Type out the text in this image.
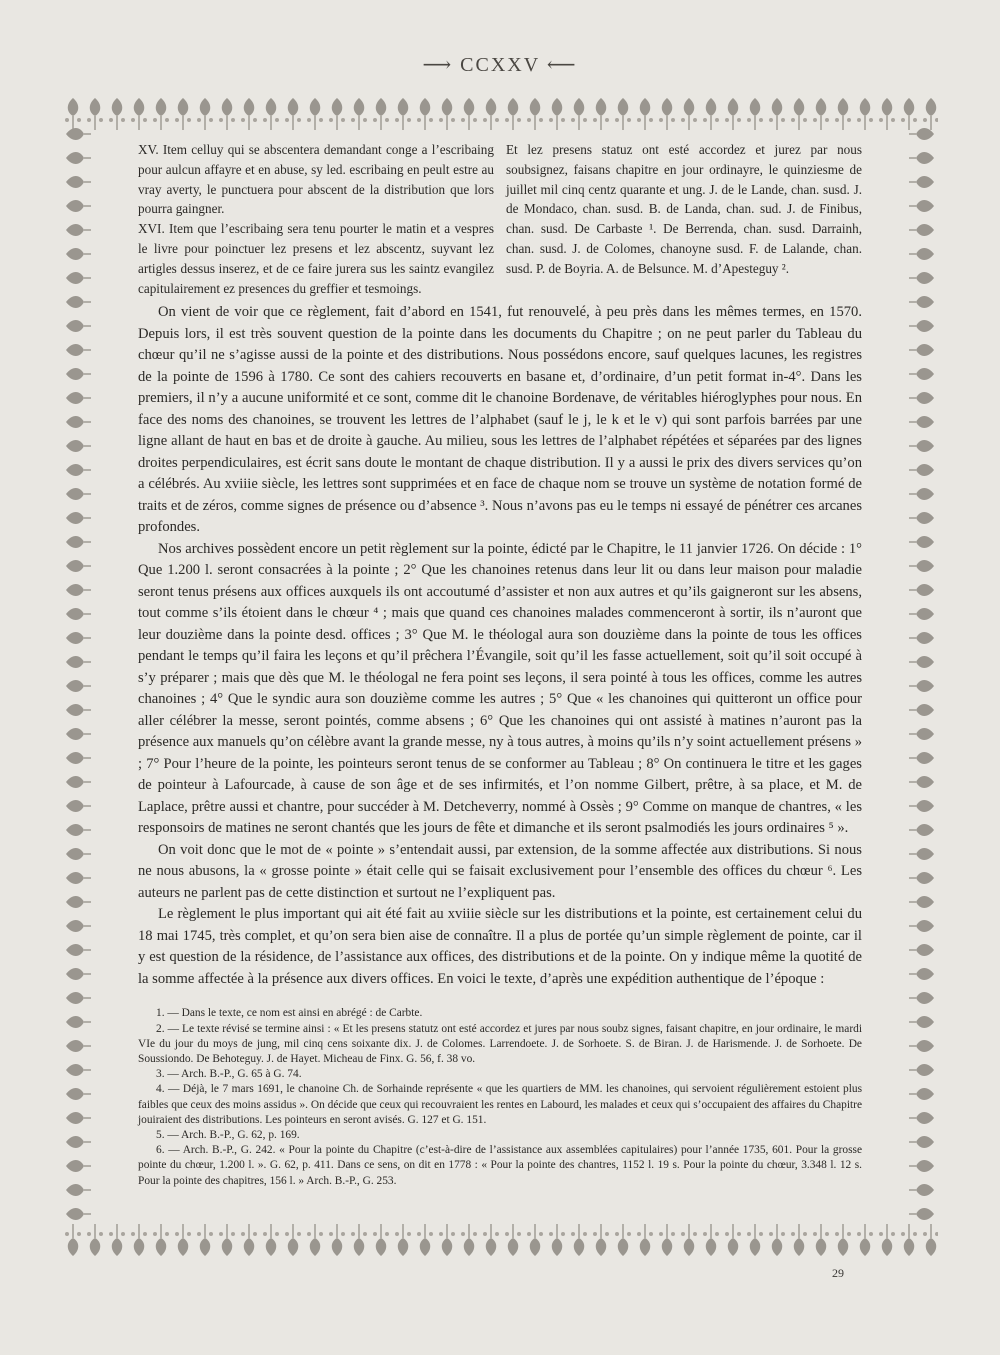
⟶ CCXXV ⟵

XV. Item celluy qui se abscentera demandant conge a l’escribaing pour aulcun affayre et en abuse, sy led. escribaing en peult estre au vray averty, le punctuera pour abscent de la distribution que lors pourra gaingner.

XVI. Item que l’escribaing sera tenu pourter le matin et a vespres le livre pour poinctuer lez presens et lez abscentz, suyvant lez artigles dessus inserez, et de ce faire jurera sus les saintz evangilez capitulairement ez presences du greffier et tesmoings.

Et lez presens statuz ont esté accordez et jurez par nous soubsignez, faisans chapitre en jour ordinayre, le quinziesme de juillet mil cinq centz quarante et ung. J. de le Lande, chan. susd. J. de Mondaco, chan. susd. B. de Landa, chan. sud. J. de Finibus, chan. susd. De Carbaste ¹. De Berrenda, chan. susd. Darrainh, chan. susd. J. de Colomes, chanoyne susd. F. de Lalande, chan. susd. P. de Boyria. A. de Belsunce. M. d’Apesteguy ².

On vient de voir que ce règlement, fait d’abord en 1541, fut renouvelé, à peu près dans les mêmes termes, en 1570. Depuis lors, il est très souvent question de la pointe dans les documents du Chapitre ; on ne peut parler du Tableau du chœur qu’il ne s’agisse aussi de la pointe et des distributions. Nous possédons encore, sauf quelques lacunes, les registres de la pointe de 1596 à 1780. Ce sont des cahiers recouverts en basane et, d’ordinaire, d’un petit format in-4°. Dans les premiers, il n’y a aucune uniformité et ce sont, comme dit le chanoine Bordenave, de véritables hiéroglyphes pour nous. En face des noms des chanoines, se trouvent les lettres de l’alphabet (sauf le j, le k et le v) qui sont parfois barrées par une ligne allant de haut en bas et de droite à gauche. Au milieu, sous les lettres de l’alphabet répétées et séparées par des lignes droites perpendiculaires, est écrit sans doute le montant de chaque distribution. Il y a aussi le prix des divers services qu’on a célébrés. Au xviiie siècle, les lettres sont supprimées et en face de chaque nom se trouve un système de notation formé de traits et de zéros, comme signes de présence ou d’absence ³. Nous n’avons pas eu le temps ni essayé de pénétrer ces arcanes profondes.

Nos archives possèdent encore un petit règlement sur la pointe, édicté par le Chapitre, le 11 janvier 1726. On décide : 1° Que 1.200 l. seront consacrées à la pointe ; 2° Que les chanoines retenus dans leur lit ou dans leur maison pour maladie seront tenus présens aux offices auxquels ils ont accoutumé d’assister et non aux autres et qu’ils gaigneront sur les absens, tout comme s’ils étoient dans le chœur ⁴ ; mais que quand ces chanoines malades commenceront à sortir, ils n’auront que leur douzième dans la pointe desd. offices ; 3° Que M. le théologal aura son douzième dans la pointe de tous les offices pendant le temps qu’il faira les leçons et qu’il prêchera l’Évangile, soit qu’il les fasse actuellement, soit qu’il soit occupé à s’y préparer ; mais que dès que M. le théologal ne fera point ses leçons, il sera pointé à tous les offices, comme les autres chanoines ; 4° Que le syndic aura son douzième comme les autres ; 5° Que « les chanoines qui quitteront un office pour aller célébrer la messe, seront pointés, comme absens ; 6° Que les chanoines qui ont assisté à matines n’auront pas la présence aux manuels qu’on célèbre avant la grande messe, ny à tous autres, à moins qu’ils n’y soint actuellement présens » ; 7° Pour l’heure de la pointe, les pointeurs seront tenus de se conformer au Tableau ; 8° On continuera le titre et les gages de pointeur à Lafourcade, à cause de son âge et de ses infirmités, et l’on nomme Gilbert, prêtre, à sa place, et M. de Laplace, prêtre aussi et chantre, pour succéder à M. Detcheverry, nommé à Ossès ; 9° Comme on manque de chantres, « les responsoirs de matines ne seront chantés que les jours de fête et dimanche et ils seront psalmodiés les jours ordinaires ⁵ ».

On voit donc que le mot de « pointe » s’entendait aussi, par extension, de la somme affectée aux distributions. Si nous ne nous abusons, la « grosse pointe » était celle qui se faisait exclusivement pour l’ensemble des offices du chœur ⁶. Les auteurs ne parlent pas de cette distinction et surtout ne l’expliquent pas.

Le règlement le plus important qui ait été fait au xviiie siècle sur les distributions et la pointe, est certainement celui du 18 mai 1745, très complet, et qu’on sera bien aise de connaître. Il a plus de portée qu’un simple règlement de pointe, car il y est question de la résidence, de l’assistance aux offices, des distributions et de la pointe. On y indique même la quotité de la somme affectée à la présence aux divers offices. En voici le texte, d’après une expédition authentique de l’époque :

1. — Dans le texte, ce nom est ainsi en abrégé : de Carbte.

2. — Le texte révisé se termine ainsi : « Et les presens statutz ont esté accordez et jures par nous soubz signes, faisant chapitre, en jour ordinaire, le mardi VIe du jour du moys de jung, mil cinq cens soixante dix. J. de Colomes. Larrendoete. J. de Sorhoete. S. de Biran. J. de Harismende. J. de Sorhoete. De Soussiondo. De Behoteguy. J. de Hayet. Micheau de Finx. G. 56, f. 38 vo.

3. — Arch. B.-P., G. 65 à G. 74.

4. — Déjà, le 7 mars 1691, le chanoine Ch. de Sorhainde représente « que les quartiers de MM. les chanoines, qui servoient régulièrement estoient plus faibles que ceux des moins assidus ». On décide que ceux qui recouvraient les rentes en Labourd, les malades et ceux qui s’occupaient des affaires du Chapitre jouiraient des distributions. Les pointeurs en seront avisés. G. 127 et G. 151.

5. — Arch. B.-P., G. 62, p. 169.

6. — Arch. B.-P., G. 242. « Pour la pointe du Chapitre (c’est-à-dire de l’assistance aux assemblées capitulaires) pour l’année 1735, 601. Pour la grosse pointe du chœur, 1.200 l. ». G. 62, p. 411. Dans ce sens, on dit en 1778 : « Pour la pointe des chantres, 1152 l. 19 s. Pour la pointe du chœur, 3.348 l. 12 s. Pour la pointe des chapitres, 156 l. » Arch. B.-P., G. 253.

29
